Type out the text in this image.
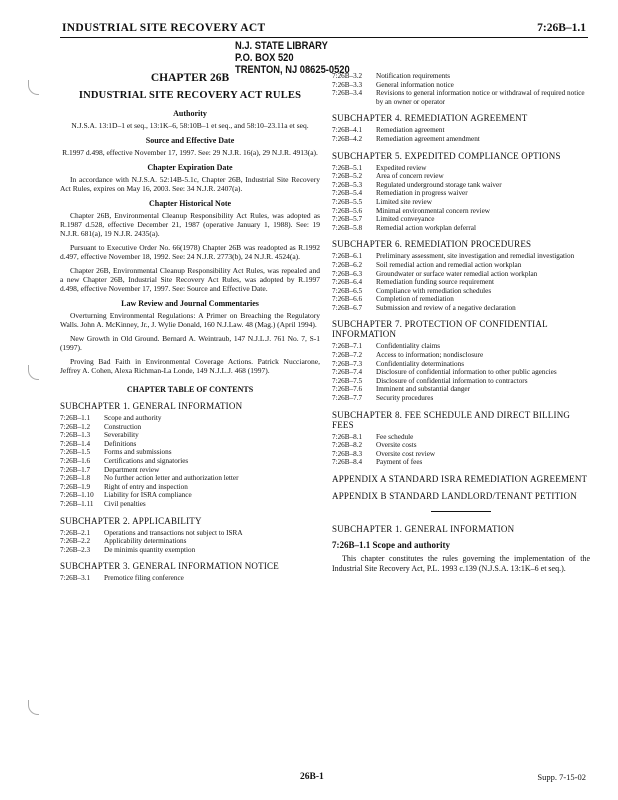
INDUSTRIAL SITE RECOVERY ACT	7:26B–1.1
N.J. STATE LIBRARY
P.O. BOX 520
TRENTON, NJ 08625-0520
CHAPTER 26B
INDUSTRIAL SITE RECOVERY ACT RULES
Authority
N.J.S.A. 13:1D–1 et seq., 13:1K–6, 58:10B–1 et seq., and 58:10–23.11a et seq.
Source and Effective Date
R.1997 d.498, effective November 17, 1997. See: 29 N.J.R. 16(a), 29 N.J.R. 4913(a).
Chapter Expiration Date
In accordance with N.J.S.A. 52:14B-5.1c, Chapter 26B, Industrial Site Recovery Act Rules, expires on May 16, 2003. See: 34 N.J.R. 2407(a).
Chapter Historical Note
Chapter 26B, Environmental Cleanup Responsibility Act Rules, was adopted as R.1987 d.528, effective December 21, 1987 (operative January 1, 1988). See: 19 N.J.R. 681(a), 19 N.J.R. 2435(a).
Pursuant to Executive Order No. 66(1978) Chapter 26B was readopted as R.1992 d.497, effective November 18, 1992. See: 24 N.J.R. 2773(b), 24 N.J.R. 4524(a).
Chapter 26B, Environmental Cleanup Responsibility Act Rules, was repealed and a new Chapter 26B, Industrial Site Recovery Act Rules, was adopted by R.1997 d.498, effective November 17, 1997. See: Source and Effective Date.
Law Review and Journal Commentaries
Overturning Environmental Regulations: A Primer on Breaching the Regulatory Walls. John A. McKinney, Jr., J. Wylie Donald, 160 N.J.Law. 48 (Mag.) (April 1994).
New Growth in Old Ground. Bernard A. Weintraub, 147 N.J.L.J. 761 No. 7, S-1 (1997).
Proving Bad Faith in Environmental Coverage Actions. Patrick Nucciarone, Jeffrey A. Cohen, Alexa Richman-La Londe, 149 N.J.L.J. 468 (1997).
CHAPTER TABLE OF CONTENTS
SUBCHAPTER 1. GENERAL INFORMATION
7:26B–1.1	Scope and authority
7:26B–1.2	Construction
7:26B–1.3	Severability
7:26B–1.4	Definitions
7:26B–1.5	Forms and submissions
7:26B–1.6	Certifications and signatories
7:26B–1.7	Department review
7:26B–1.8	No further action letter and authorization letter
7:26B–1.9	Right of entry and inspection
7:26B–1.10	Liability for ISRA compliance
7:26B–1.11	Civil penalties
SUBCHAPTER 2. APPLICABILITY
7:26B–2.1	Operations and transactions not subject to ISRA
7:26B–2.2	Applicability determinations
7:26B–2.3	De minimis quantity exemption
SUBCHAPTER 3. GENERAL INFORMATION NOTICE
7:26B–3.1	Premotice filing conference
7:26B–3.2	Notification requirements
7:26B–3.3	General information notice
7:26B–3.4	Revisions to general information notice or withdrawal of required notice by an owner or operator
SUBCHAPTER 4. REMEDIATION AGREEMENT
7:26B–4.1	Remediation agreement
7:26B–4.2	Remediation agreement amendment
SUBCHAPTER 5. EXPEDITED COMPLIANCE OPTIONS
7:26B–5.1	Expedited review
7:26B–5.2	Area of concern review
7:26B–5.3	Regulated underground storage tank waiver
7:26B–5.4	Remediation in progress waiver
7:26B–5.5	Limited site review
7:26B–5.6	Minimal environmental concern review
7:26B–5.7	Limited conveyance
7:26B–5.8	Remedial action workplan deferral
SUBCHAPTER 6. REMEDIATION PROCEDURES
7:26B–6.1	Preliminary assessment, site investigation and remedial investigation
7:26B–6.2	Soil remedial action and remedial action workplan
7:26B–6.3	Groundwater or surface water remedial action workplan
7:26B–6.4	Remediation funding source requirement
7:26B–6.5	Compliance with remediation schedules
7:26B–6.6	Completion of remediation
7:26B–6.7	Submission and review of a negative declaration
SUBCHAPTER 7. PROTECTION OF CONFIDENTIAL INFORMATION
7:26B–7.1	Confidentiality claims
7:26B–7.2	Access to information; nondisclosure
7:26B–7.3	Confidentiality determinations
7:26B–7.4	Disclosure of confidential information to other public agencies
7:26B–7.5	Disclosure of confidential information to contractors
7:26B–7.6	Imminent and substantial danger
7:26B–7.7	Security procedures
SUBCHAPTER 8. FEE SCHEDULE AND DIRECT BILLING FEES
7:26B–8.1	Fee schedule
7:26B–8.2	Oversite costs
7:26B–8.3	Oversite cost review
7:26B–8.4	Payment of fees
APPENDIX A STANDARD ISRA REMEDIATION AGREEMENT
APPENDIX B STANDARD LANDLORD/TENANT PETITION
SUBCHAPTER 1. GENERAL INFORMATION
7:26B–1.1 Scope and authority

This chapter constitutes the rules governing the implementation of the Industrial Site Recovery Act, P.L. 1993 c.139 (N.J.S.A. 13:1K–6 et seq.).

26B-1	Supp. 7-15-02
